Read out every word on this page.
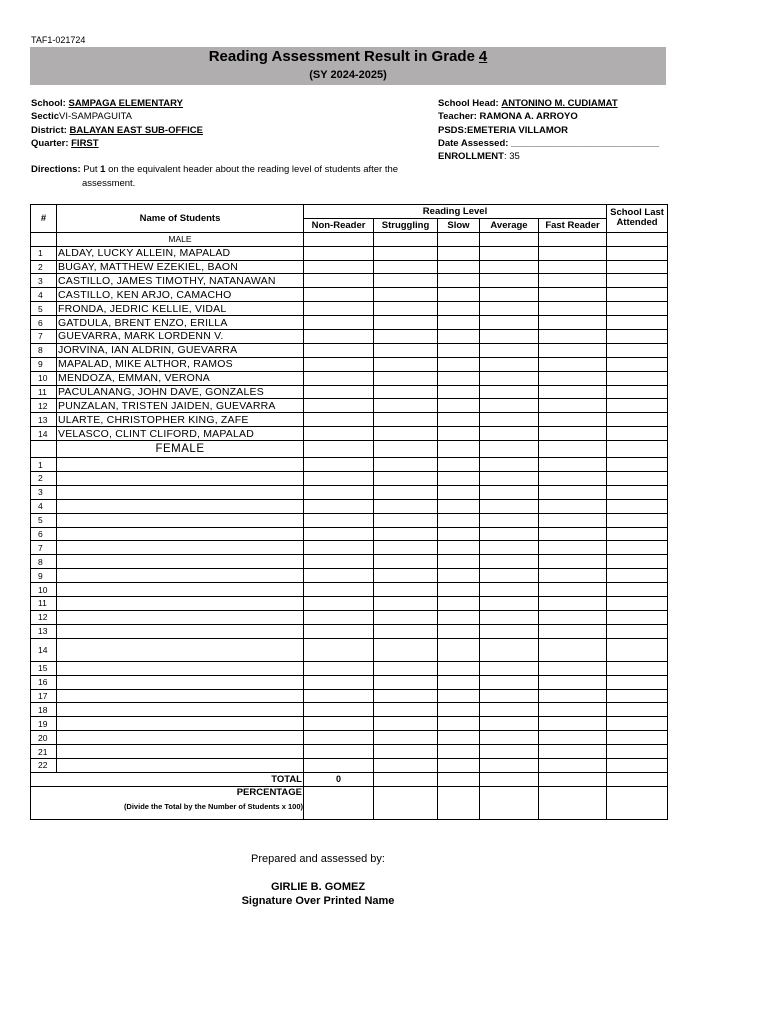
TAF1-021724
Reading Assessment Result in Grade 4
(SY 2024-2025)
School: SAMPAGA ELEMENTARY
SecticVI-SAMPAGUITA
District: BALAYAN EAST SUB-OFFICE
Quarter: FIRST
School Head: ANTONINO M. CUDIAMAT
Teacher: RAMONA A. ARROYO
PSDS:EMETERIA VILLAMOR
Date Assessed: ____________________________
ENROLLMENT: 35
Directions: Put 1 on the equivalent header about the reading level of students after the
assessment.
#	Name of Students	Reading Level					School Last Attended
		Non-Reader	Struggling	Slow	Average	Fast Reader	
	MALE						
1	ALDAY, LUCKY ALLEIN, MAPALAD						
2	BUGAY, MATTHEW EZEKIEL, BAON						
3	CASTILLO, JAMES TIMOTHY, NATANAWAN						
4	CASTILLO, KEN ARJO, CAMACHO						
5	FRONDA, JEDRIC KELLIE, VIDAL						
6	GATDULA, BRENT ENZO, ERILLA						
7	GUEVARRA, MARK LORDENN V.						
8	JORVINA, IAN ALDRIN, GUEVARRA						
9	MAPALAD, MIKE ALTHOR, RAMOS						
10	MENDOZA, EMMAN, VERONA						
11	PACULANANG, JOHN DAVE, GONZALES						
12	PUNZALAN, TRISTEN JAIDEN, GUEVARRA						
13	ULARTE, CHRISTOPHER KING, ZAFE						
14	VELASCO, CLINT CLIFORD, MAPALAD						
	FEMALE						
1							
2							
3							
4							
5							
6							
7							
8							
9							
10							
11							
12							
13							
14							
15							
16							
17							
18							
19							
20							
21							
22							
TOTAL		0					

PERCENTAGE
(Divide the Total by the Number of Students x 100)							

Prepared and assessed by:
GIRLIE B. GOMEZ
Signature Over Printed Name
